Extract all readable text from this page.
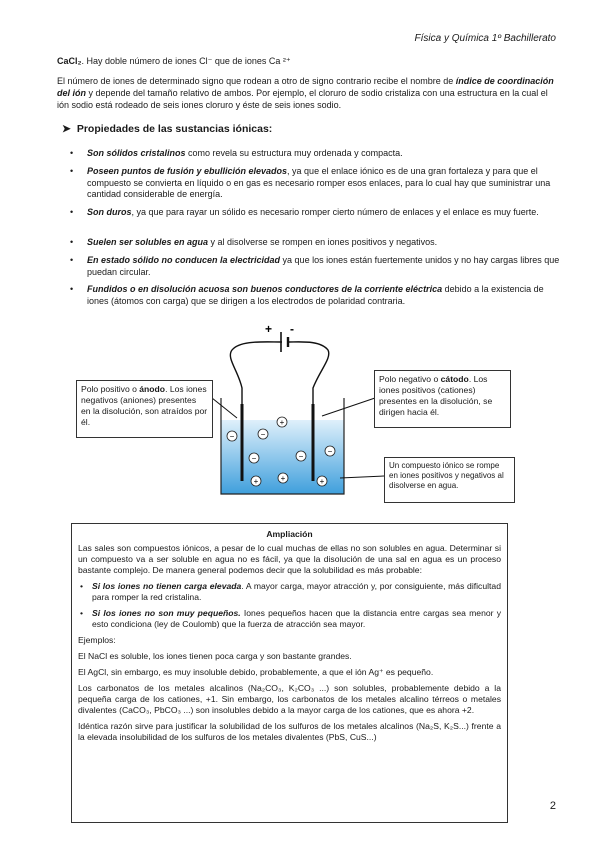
Física y Química 1º Bachillerato
CaCl₂. Hay doble número de iones Cl⁻ que de iones Ca ²⁺
El número de iones de determinado signo que rodean a otro de signo contrario recibe el nombre de índice de coordinación del ión y depende del tamaño relativo de ambos. Por ejemplo, el cloruro de sodio cristaliza con una estructura en la cual el ión sodio está rodeado de seis iones cloruro y éste de seis iones sodio.
➤ Propiedades de las sustancias iónicas:
• Son sólidos cristalinos como revela su estructura muy ordenada y compacta.
• Poseen puntos de fusión y ebullición elevados, ya que el enlace iónico es de una gran fortaleza y para que el compuesto se convierta en líquido o en gas es necesario romper esos enlaces, para lo cual hay que suministrar una cantidad considerable de energía.
• Son duros, ya que para rayar un sólido es necesario romper cierto número de enlaces y el enlace es muy fuerte.
• Suelen ser solubles en agua y al disolverse se rompen en iones positivos y negativos.
• En estado sólido no conducen la electricidad ya que los iones están fuertemente unidos y no hay cargas libres que puedan circular.
• Fundidos o en disolución acuosa son buenos conductores de la corriente eléctrica debido a la existencia de iones (átomos con carga) que se dirigen a los electrodos de polaridad contraria.
+ -
−	−
+
−	−
−
+	+	+
Polo positivo o ánodo. Los iones negativos (aniones) presentes en la disolución, son atraídos por él.
Polo negativo o cátodo. Los iones positivos (cationes) presentes en la disolución, se dirigen hacia él.
Un compuesto iónico se rompe en iones positivos y negativos al disolverse en agua.
Ampliación
Las sales son compuestos iónicos, a pesar de lo cual muchas de ellas no son solubles en agua. Determinar si un compuesto va a ser soluble en agua no es fácil, ya que la disolución de una sal en agua es un proceso bastante complejo. De manera general podemos decir que la solubilidad es más probable:
• Si los iones no tienen carga elevada. A mayor carga, mayor atracción y, por consiguiente, más dificultad para romper la red cristalina.
• Si los iones no son muy pequeños. Iones pequeños hacen que la distancia entre cargas sea menor y esto condiciona (ley de Coulomb) que la fuerza de atracción sea mayor.
Ejemplos:
El NaCl es soluble, los iones tienen poca carga y son bastante grandes.
El AgCl, sin embargo, es muy insoluble debido, probablemente, a que el ión Ag⁺ es pequeño.
Los carbonatos de los metales alcalinos (Na₂CO₃, K₂CO₃ ...) son solubles, probablemente debido a la pequeña carga de los cationes, +1. Sin embargo, los carbonatos de los metales alcalino térreos o metales divalentes (CaCO₃, PbCO₃ ...) son insolubles debido a la mayor carga de los cationes, que es ahora +2.
Idéntica razón sirve para justificar la solubilidad de los sulfuros de los metales alcalinos (Na₂S, K₂S...) frente a la elevada insolubilidad de los sulfuros de los metales divalentes (PbS, CuS...)
2
